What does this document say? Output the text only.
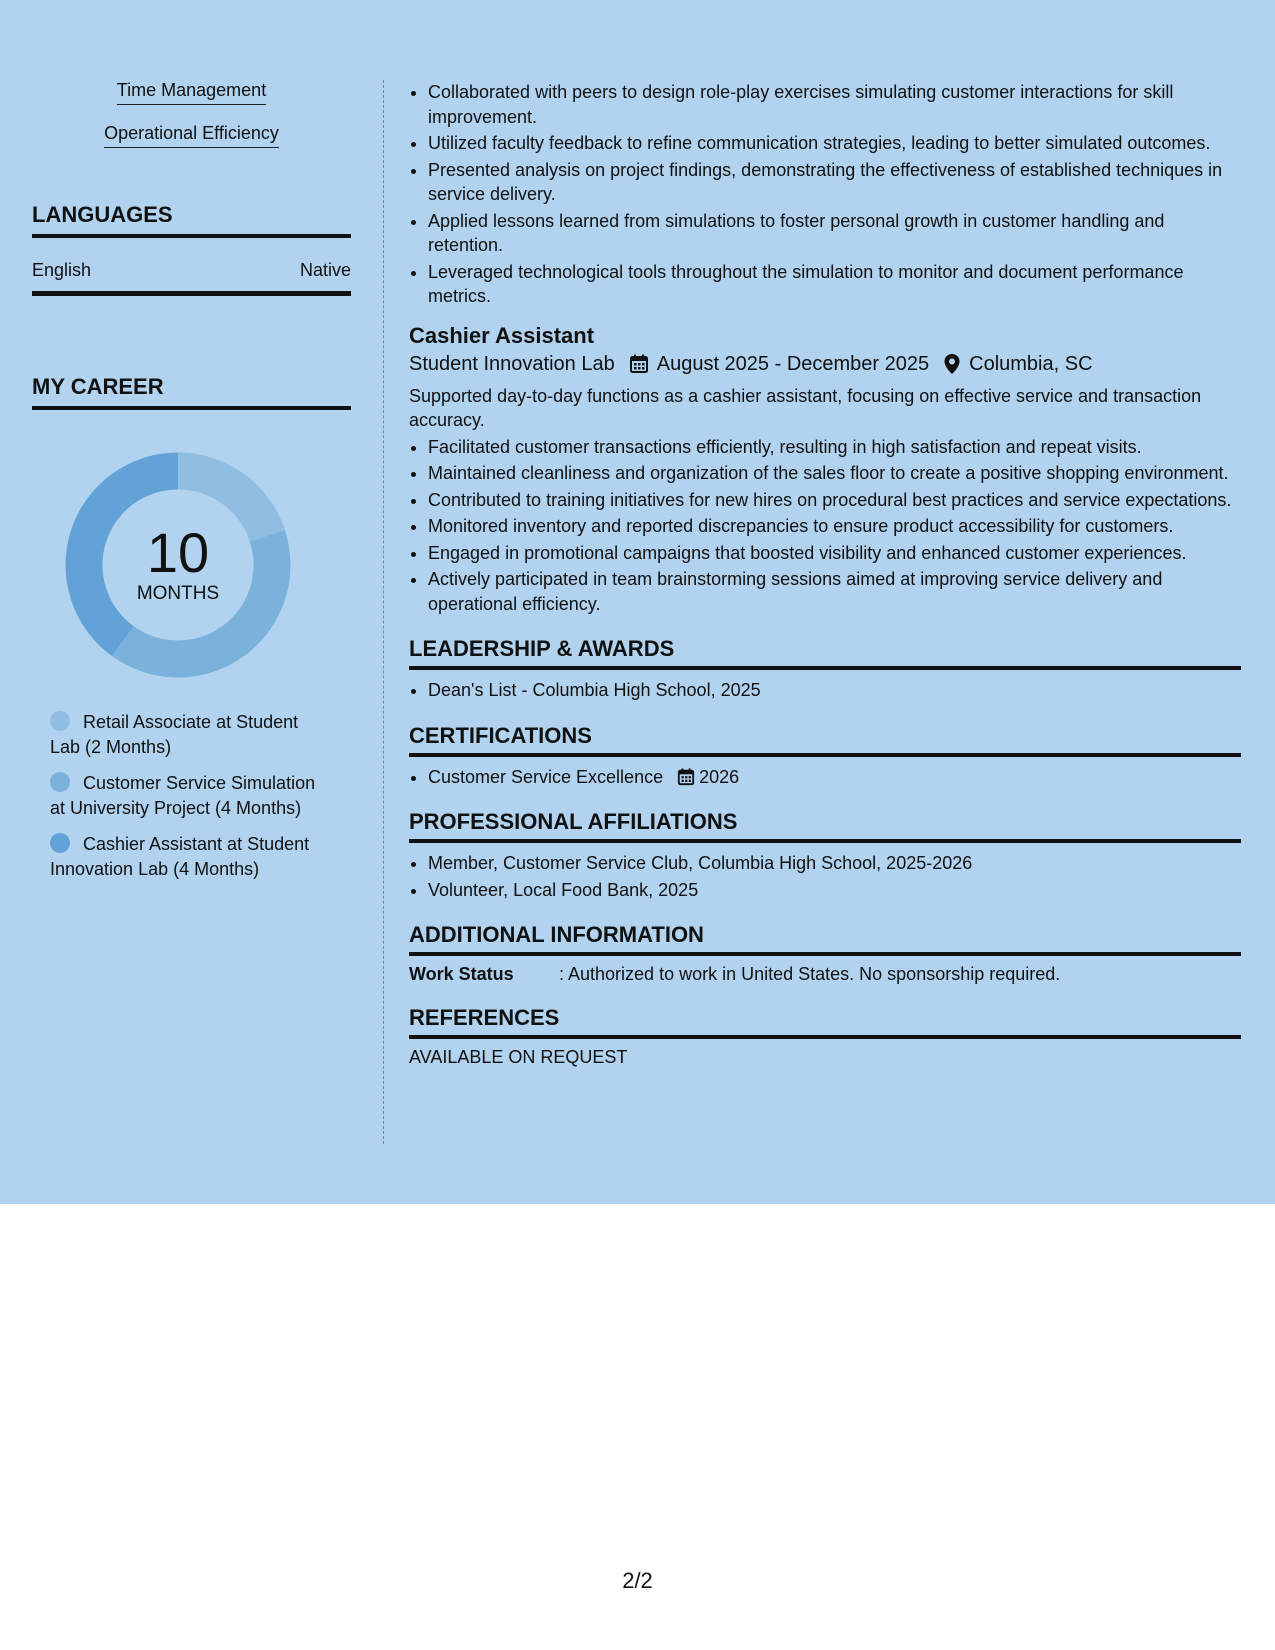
Time Management
Operational Efficiency
LANGUAGES
English	Native
MY CAREER
10
MONTHS
Retail Associate at Student Lab (2 Months)
Customer Service Simulation at University Project (4 Months)
Cashier Assistant at Student Innovation Lab (4 Months)
• Collaborated with peers to design role-play exercises simulating customer interactions for skill improvement.
• Utilized faculty feedback to refine communication strategies, leading to better simulated outcomes.
• Presented analysis on project findings, demonstrating the effectiveness of established techniques in service delivery.
• Applied lessons learned from simulations to foster personal growth in customer handling and retention.
• Leveraged technological tools throughout the simulation to monitor and document performance metrics.
Cashier Assistant
Student Innovation Lab August 2025 - December 2025 Columbia, SC
Supported day-to-day functions as a cashier assistant, focusing on effective service and transaction accuracy.
• Facilitated customer transactions efficiently, resulting in high satisfaction and repeat visits.
• Maintained cleanliness and organization of the sales floor to create a positive shopping environment.
• Contributed to training initiatives for new hires on procedural best practices and service expectations.
• Monitored inventory and reported discrepancies to ensure product accessibility for customers.
• Engaged in promotional campaigns that boosted visibility and enhanced customer experiences.
• Actively participated in team brainstorming sessions aimed at improving service delivery and operational efficiency.
LEADERSHIP & AWARDS
• Dean's List - Columbia High School, 2025
CERTIFICATIONS
• Customer Service Excellence 2026
PROFESSIONAL AFFILIATIONS
• Member, Customer Service Club, Columbia High School, 2025-2026
• Volunteer, Local Food Bank, 2025
ADDITIONAL INFORMATION
Work Status	: Authorized to work in United States. No sponsorship required.
REFERENCES
AVAILABLE ON REQUEST
2/2
